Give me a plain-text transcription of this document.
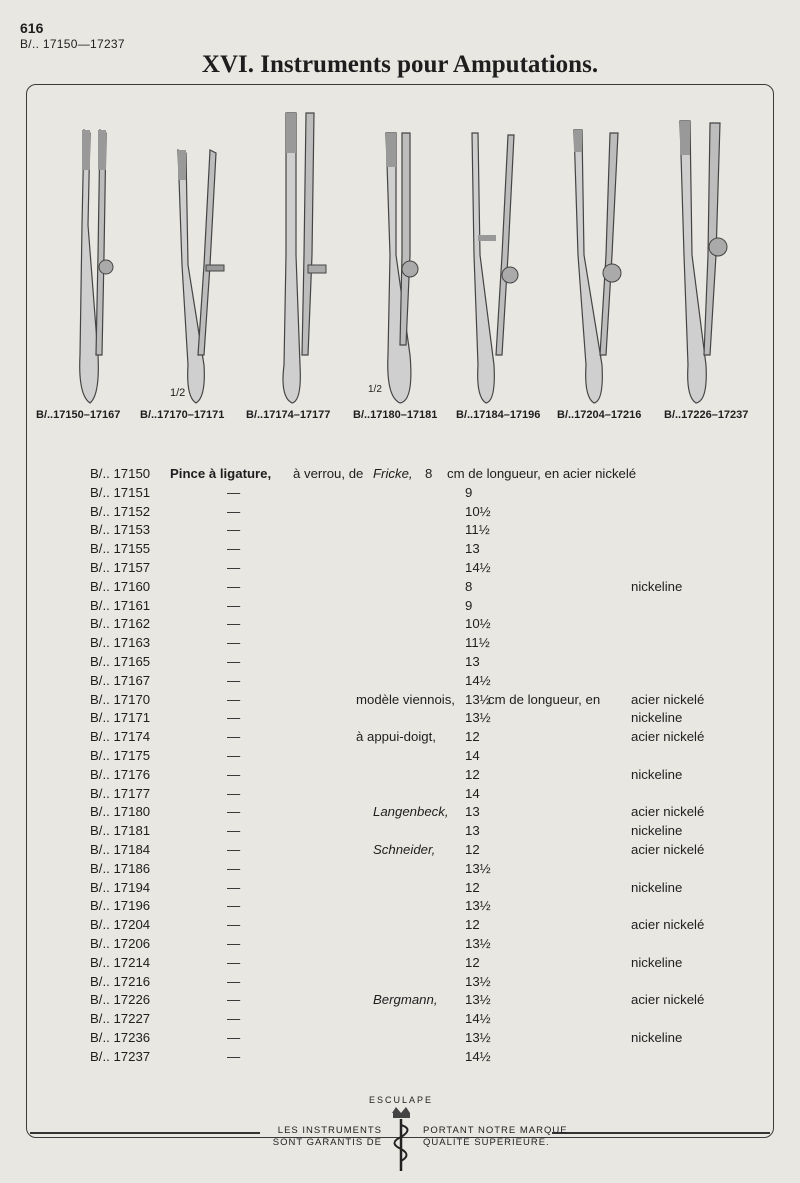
616
B/.. 17150—17237
XVI. Instruments pour Amputations.
1/2	1/2
B/..17150–17167 B/..17170–17171 B/..17174–17177 B/..17180–17181 B/..17184–17196 B/..17204–17216 B/..17226–17237
B/.. 17150 Pince à ligature, à verrou, de Fricke, 8 cm de longueur, en acier nickelé
B/.. 17151	—	9
B/.. 17152	—	10½
B/.. 17153	—	11½
B/.. 17155	—	13
B/.. 17157	—	14½
B/.. 17160	—	8	nickeline
B/.. 17161	—	9
B/.. 17162	—	10½
B/.. 17163	—	11½
B/.. 17165	—	13
B/.. 17167	—	14½
B/.. 17170	—	modèle viennois, 13½
cm de longueur, en acier nickelé
B/.. 17171	—	13½	nickeline
B/.. 17174	—	à appui-doigt, 12	acier nickelé
B/.. 17175	—	14
B/.. 17176	—	12	nickeline
B/.. 17177	—	14
B/.. 17180	—	Langenbeck, 13	acier nickelé
B/.. 17181	—	13	nickeline
B/.. 17184	—	Schneider, 12	acier nickelé
B/.. 17186	—	13½
B/.. 17194	—	12	nickeline
B/.. 17196	—	13½
B/.. 17204	—	12	acier nickelé
B/.. 17206	—	13½
B/.. 17214	—	12	nickeline
B/.. 17216	—	13½
B/.. 17226	—	Bergmann, 13½	acier nickelé
B/.. 17227	—	14½
B/.. 17236	—	13½	nickeline
B/.. 17237	—	14½
ESCULAPE
LES INSTRUMENTS
SONT GARANTIS DE
PORTANT NOTRE MARQUE
QUALITÉ SUPÉRIEURE.
